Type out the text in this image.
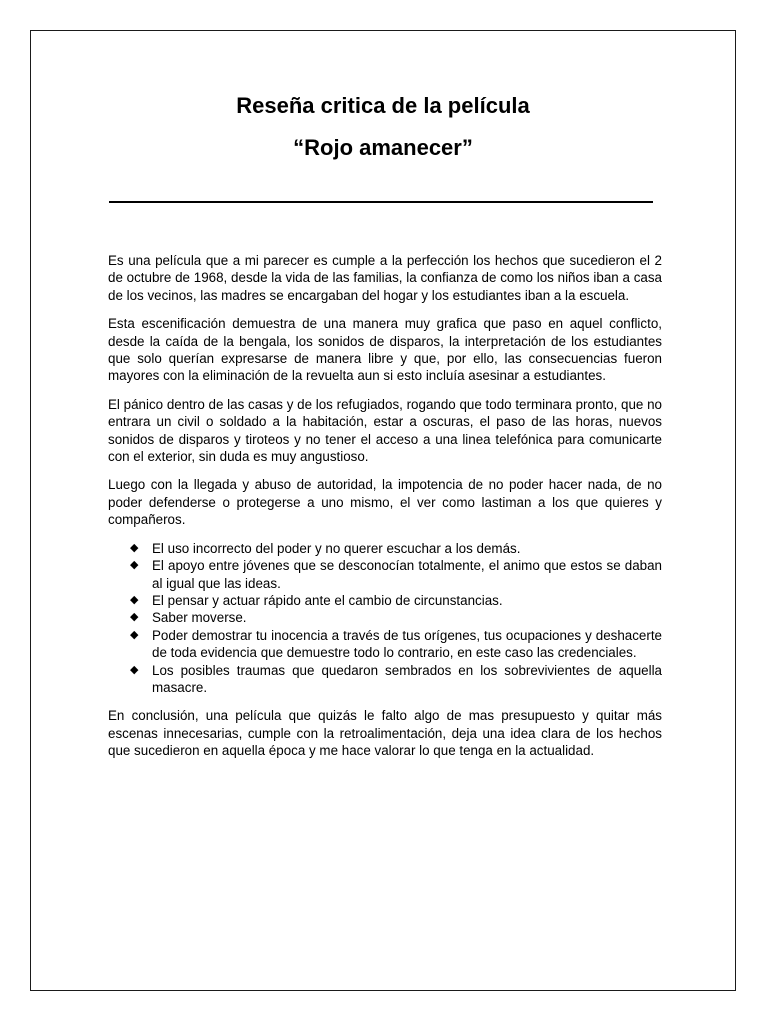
Reseña critica de la película
“Rojo amanecer”

Es una película que a mi parecer es cumple a la perfección los hechos que sucedieron el 2 de octubre de 1968, desde la vida de las familias, la confianza de como los niños iban a casa de los vecinos, las madres se encargaban del hogar y los estudiantes iban a la escuela.

Esta escenificación demuestra de una manera muy grafica que paso en aquel conflicto, desde la caída de la bengala, los sonidos de disparos, la interpretación de los estudiantes que solo querían expresarse de manera libre y que, por ello, las consecuencias fueron mayores con la eliminación de la revuelta aun si esto incluía asesinar a estudiantes.

El pánico dentro de las casas y de los refugiados, rogando que todo terminara pronto, que no entrara un civil o soldado a la habitación, estar a oscuras, el paso de las horas, nuevos sonidos de disparos y tiroteos y no tener el acceso a una linea telefónica para comunicarte con el exterior, sin duda es muy angustioso.

Luego con la llegada y abuso de autoridad, la impotencia de no poder hacer nada, de no poder defenderse o protegerse a uno mismo, el ver como lastiman a los que quieres y compañeros.

◆ El uso incorrecto del poder y no querer escuchar a los demás.
◆ El apoyo entre jóvenes que se desconocían totalmente, el animo que estos se daban al igual que las ideas.
◆ El pensar y actuar rápido ante el cambio de circunstancias.
◆ Saber moverse.
◆ Poder demostrar tu inocencia a través de tus orígenes, tus ocupaciones y deshacerte de toda evidencia que demuestre todo lo contrario, en este caso las credenciales.
◆ Los posibles traumas que quedaron sembrados en los sobrevivientes de aquella masacre.

En conclusión, una película que quizás le falto algo de mas presupuesto y quitar más escenas innecesarias, cumple con la retroalimentación, deja una idea clara de los hechos que sucedieron en aquella época y me hace valorar lo que tenga en la actualidad.
